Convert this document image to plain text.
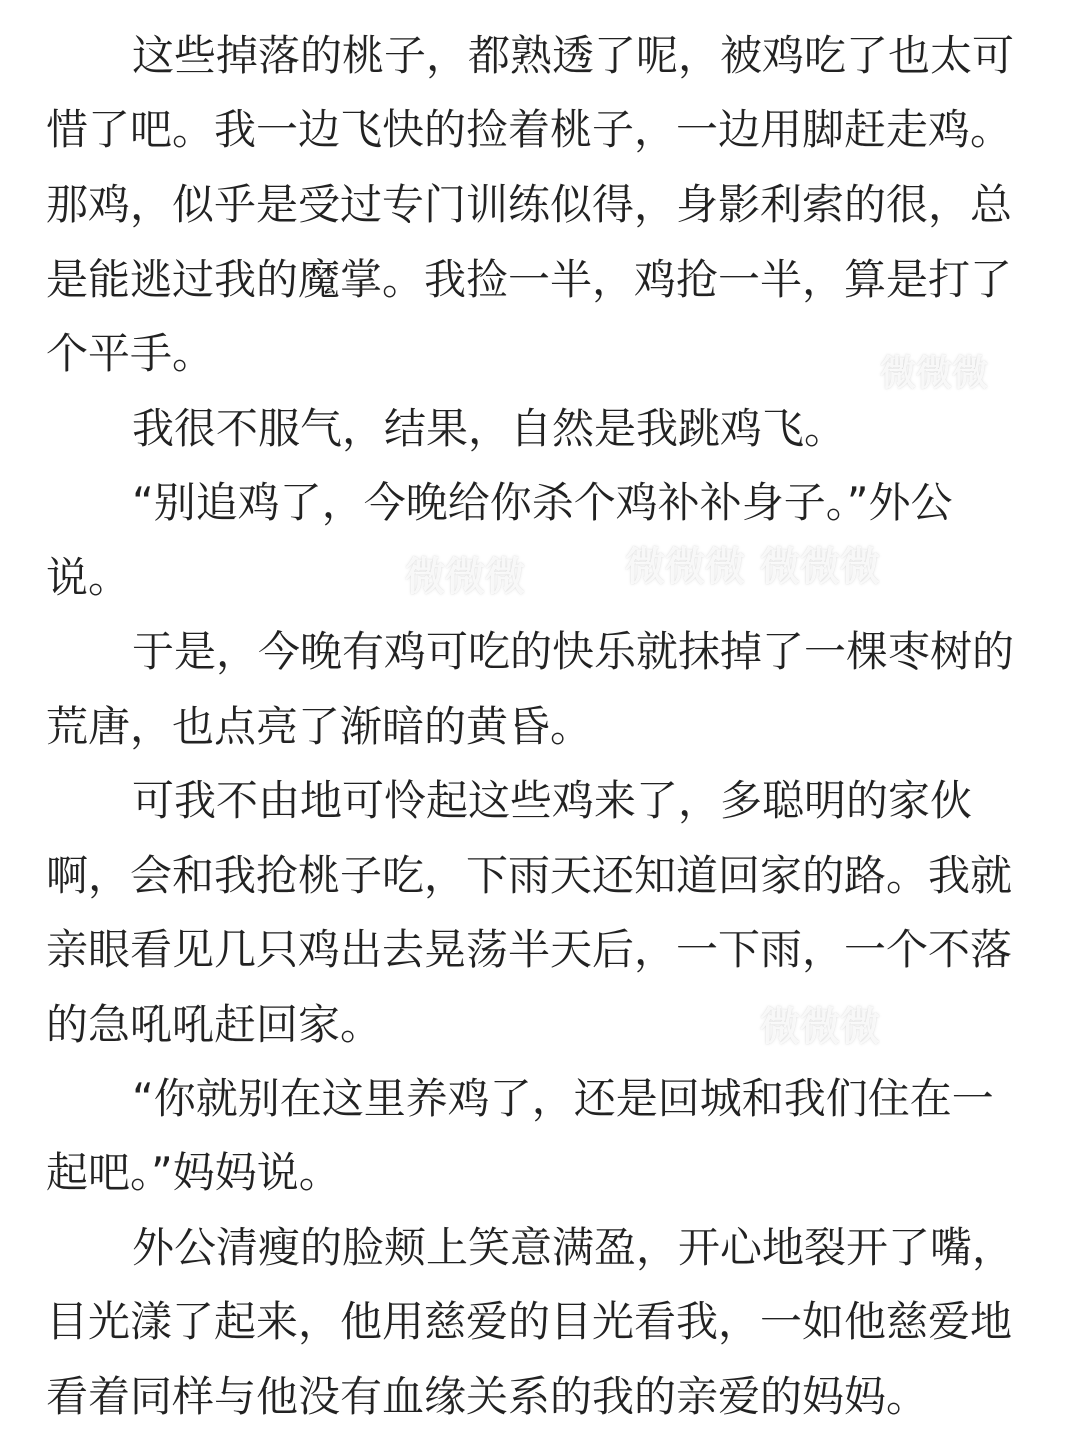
这些掉落的桃子，都熟透了呢，被鸡吃了也太可
惜了吧。我一边飞快的捡着桃子，一边用脚赶走鸡。
那鸡，似乎是受过专门训练似得，身影利索的很，总
是能逃过我的魔掌。我捡一半，鸡抢一半，算是打了
个平手。
我很不服气，结果，自然是我跳鸡飞。
“别追鸡了，今晚给你杀个鸡补补身子。”外公
说。
于是，今晚有鸡可吃的快乐就抹掉了一棵枣树的
荒唐，也点亮了渐暗的黄昏。
可我不由地可怜起这些鸡来了，多聪明的家伙
啊，会和我抢桃子吃，下雨天还知道回家的路。我就
亲眼看见几只鸡出去晃荡半天后，一下雨，一个不落
的急吼吼赶回家。
“你就别在这里养鸡了，还是回城和我们住在一
起吧。”妈妈说。
外公清瘦的脸颊上笑意满盈，开心地裂开了嘴，
目光漾了起来，他用慈爱的目光看我，一如他慈爱地
看着同样与他没有血缘关系的我的亲爱的妈妈。
微微微
微微微	微微微 微微微
微微微
